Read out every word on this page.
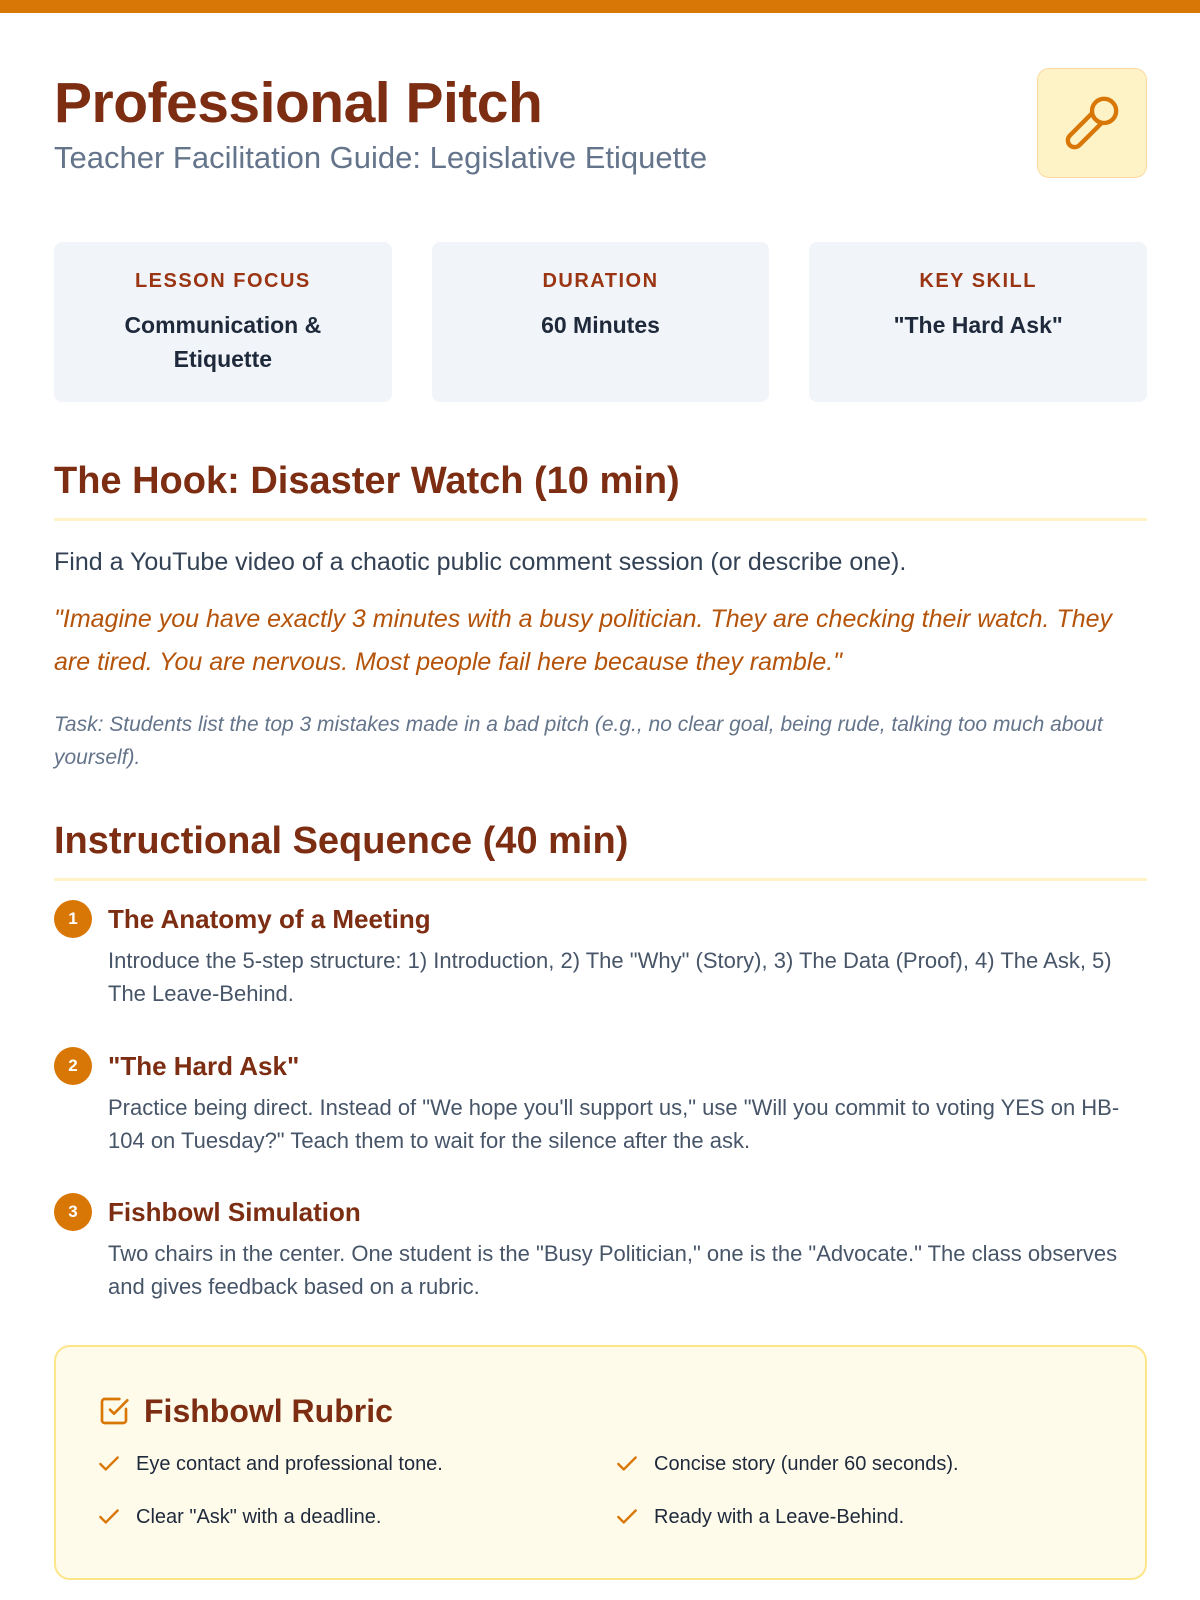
Professional Pitch
Teacher Facilitation Guide: Legislative Etiquette
LESSON FOCUS
Communication & Etiquette
DURATION
60 Minutes
KEY SKILL
"The Hard Ask"
The Hook: Disaster Watch (10 min)

Find a YouTube video of a chaotic public comment session (or describe one).

"Imagine you have exactly 3 minutes with a busy politician. They are checking their watch. They are tired. You are nervous. Most people fail here because they ramble."

Task: Students list the top 3 mistakes made in a bad pitch (e.g., no clear goal, being rude, talking too much about yourself).

Instructional Sequence (40 min)
1	The Anatomy of a Meeting
Introduce the 5-step structure: 1) Introduction, 2) The "Why" (Story), 3) The Data (Proof), 4) The Ask, 5) The Leave-Behind.
2	"The Hard Ask"
Practice being direct. Instead of "We hope you'll support us," use "Will you commit to voting YES on HB-104 on Tuesday?" Teach them to wait for the silence after the ask.
3	Fishbowl Simulation
Two chairs in the center. One student is the "Busy Politician," one is the "Advocate." The class observes and gives feedback based on a rubric.
Fishbowl Rubric
Eye contact and professional tone.	Concise story (under 60 seconds).
Clear "Ask" with a deadline.	Ready with a Leave-Behind.
